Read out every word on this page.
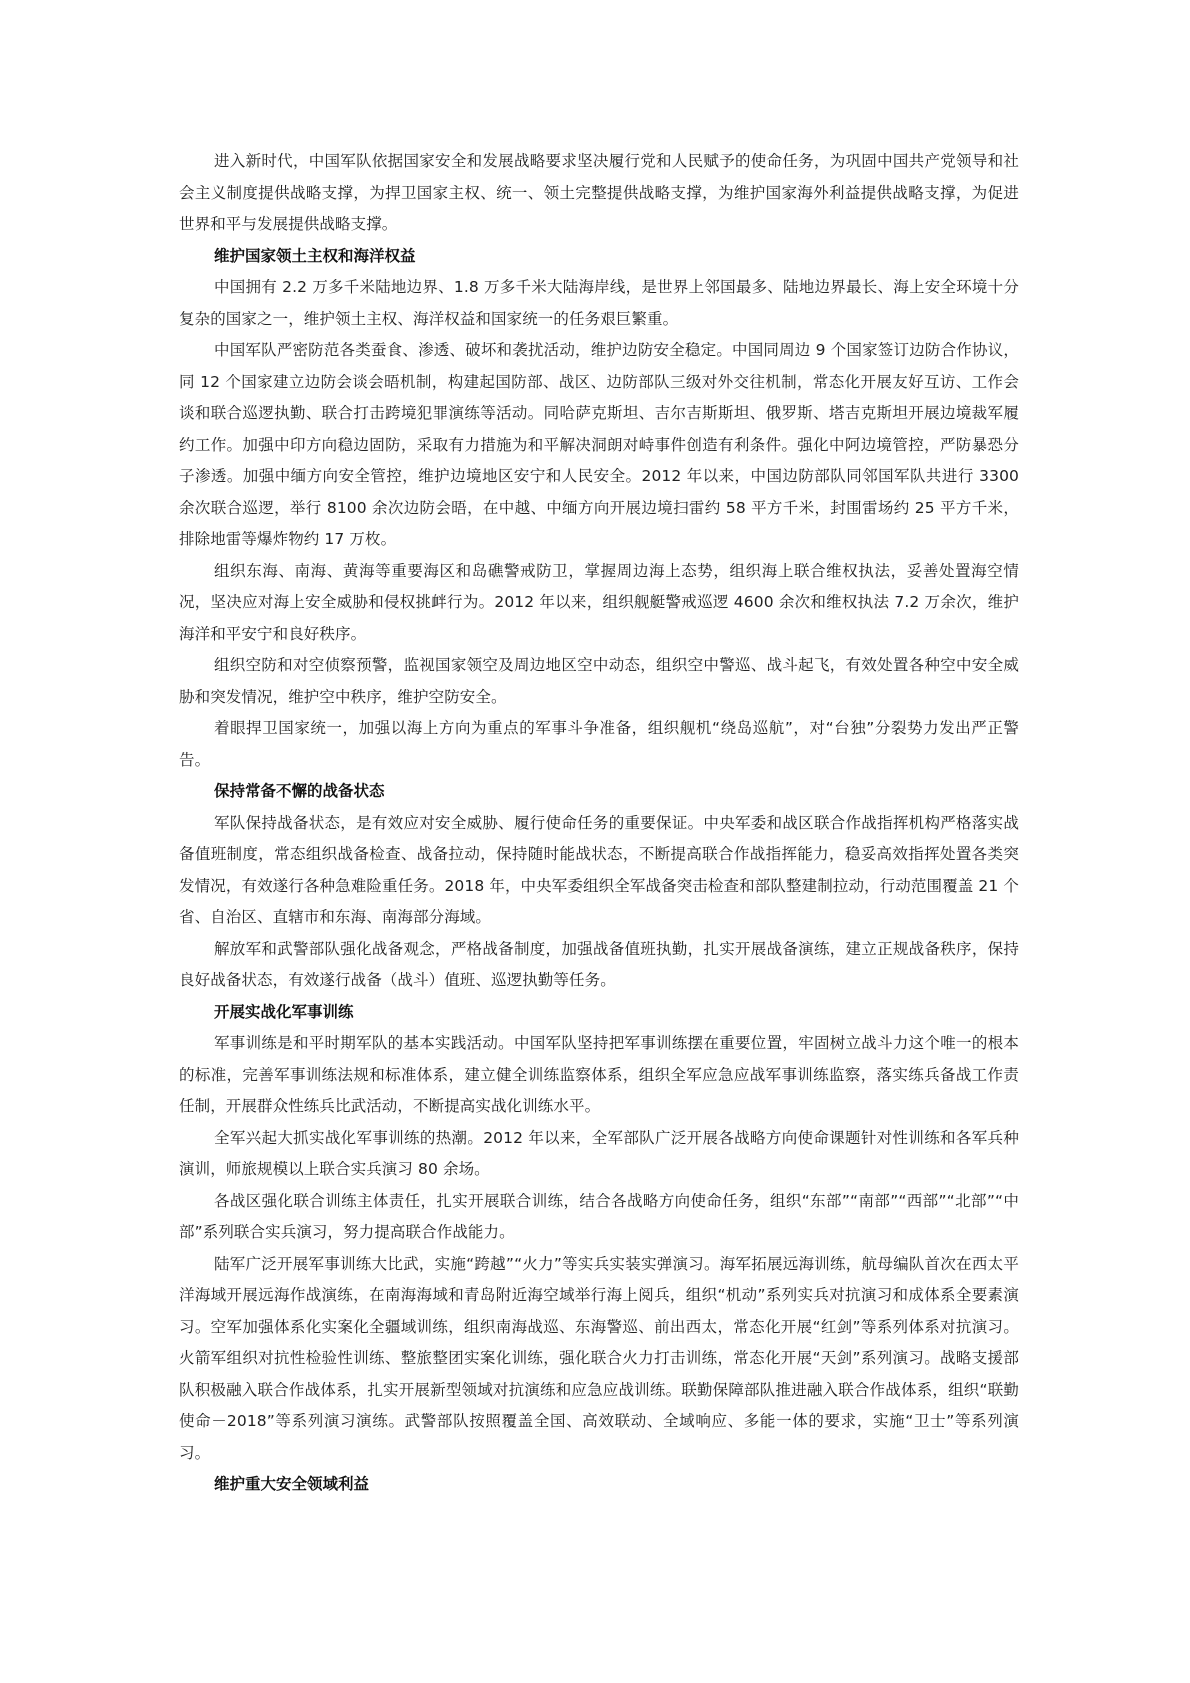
进入新时代，中国军队依据国家安全和发展战略要求坚决履行党和人民赋予的使命任务，为巩固中国共产党领导和社会主义制度提供战略支撑，为捍卫国家主权、统一、领土完整提供战略支撑，为维护国家海外利益提供战略支撑，为促进世界和平与发展提供战略支撑。

维护国家领土主权和海洋权益

中国拥有 2.2 万多千米陆地边界、1.8 万多千米大陆海岸线，是世界上邻国最多、陆地边界最长、海上安全环境十分复杂的国家之一，维护领土主权、海洋权益和国家统一的任务艰巨繁重。

中国军队严密防范各类蚕食、渗透、破坏和袭扰活动，维护边防安全稳定。中国同周边 9 个国家签订边防合作协议，同 12 个国家建立边防会谈会晤机制，构建起国防部、战区、边防部队三级对外交往机制，常态化开展友好互访、工作会谈和联合巡逻执勤、联合打击跨境犯罪演练等活动。同哈萨克斯坦、吉尔吉斯斯坦、俄罗斯、塔吉克斯坦开展边境裁军履约工作。加强中印方向稳边固防，采取有力措施为和平解决洞朗对峙事件创造有利条件。强化中阿边境管控，严防暴恐分子渗透。加强中缅方向安全管控，维护边境地区安宁和人民安全。2012 年以来，中国边防部队同邻国军队共进行 3300 余次联合巡逻，举行 8100 余次边防会晤，在中越、中缅方向开展边境扫雷约 58 平方千米，封围雷场约 25 平方千米，排除地雷等爆炸物约 17 万枚。

组织东海、南海、黄海等重要海区和岛礁警戒防卫，掌握周边海上态势，组织海上联合维权执法，妥善处置海空情况，坚决应对海上安全威胁和侵权挑衅行为。2012 年以来，组织舰艇警戒巡逻 4600 余次和维权执法 7.2 万余次，维护海洋和平安宁和良好秩序。

组织空防和对空侦察预警，监视国家领空及周边地区空中动态，组织空中警巡、战斗起飞，有效处置各种空中安全威胁和突发情况，维护空中秩序，维护空防安全。

着眼捍卫国家统一，加强以海上方向为重点的军事斗争准备，组织舰机“绕岛巡航”，对“台独”分裂势力发出严正警告。

保持常备不懈的战备状态

军队保持战备状态，是有效应对安全威胁、履行使命任务的重要保证。中央军委和战区联合作战指挥机构严格落实战备值班制度，常态组织战备检查、战备拉动，保持随时能战状态，不断提高联合作战指挥能力，稳妥高效指挥处置各类突发情况，有效遂行各种急难险重任务。2018 年，中央军委组织全军战备突击检查和部队整建制拉动，行动范围覆盖 21 个省、自治区、直辖市和东海、南海部分海域。

解放军和武警部队强化战备观念，严格战备制度，加强战备值班执勤，扎实开展战备演练，建立正规战备秩序，保持良好战备状态，有效遂行战备（战斗）值班、巡逻执勤等任务。

开展实战化军事训练

军事训练是和平时期军队的基本实践活动。中国军队坚持把军事训练摆在重要位置，牢固树立战斗力这个唯一的根本的标准，完善军事训练法规和标准体系，建立健全训练监察体系，组织全军应急应战军事训练监察，落实练兵备战工作责任制，开展群众性练兵比武活动，不断提高实战化训练水平。

全军兴起大抓实战化军事训练的热潮。2012 年以来，全军部队广泛开展各战略方向使命课题针对性训练和各军兵种演训，师旅规模以上联合实兵演习 80 余场。

各战区强化联合训练主体责任，扎实开展联合训练，结合各战略方向使命任务，组织“东部”“南部”“西部”“北部”“中部”系列联合实兵演习，努力提高联合作战能力。

陆军广泛开展军事训练大比武，实施“跨越”“火力”等实兵实装实弹演习。海军拓展远海训练，航母编队首次在西太平洋海域开展远海作战演练，在南海海域和青岛附近海空域举行海上阅兵，组织“机动”系列实兵对抗演习和成体系全要素演习。空军加强体系化实案化全疆域训练，组织南海战巡、东海警巡、前出西太，常态化开展“红剑”等系列体系对抗演习。火箭军组织对抗性检验性训练、整旅整团实案化训练，强化联合火力打击训练，常态化开展“天剑”系列演习。战略支援部队积极融入联合作战体系，扎实开展新型领域对抗演练和应急应战训练。联勤保障部队推进融入联合作战体系，组织“联勤使命－2018”等系列演习演练。武警部队按照覆盖全国、高效联动、全域响应、多能一体的要求，实施“卫士”等系列演习。

维护重大安全领域利益
